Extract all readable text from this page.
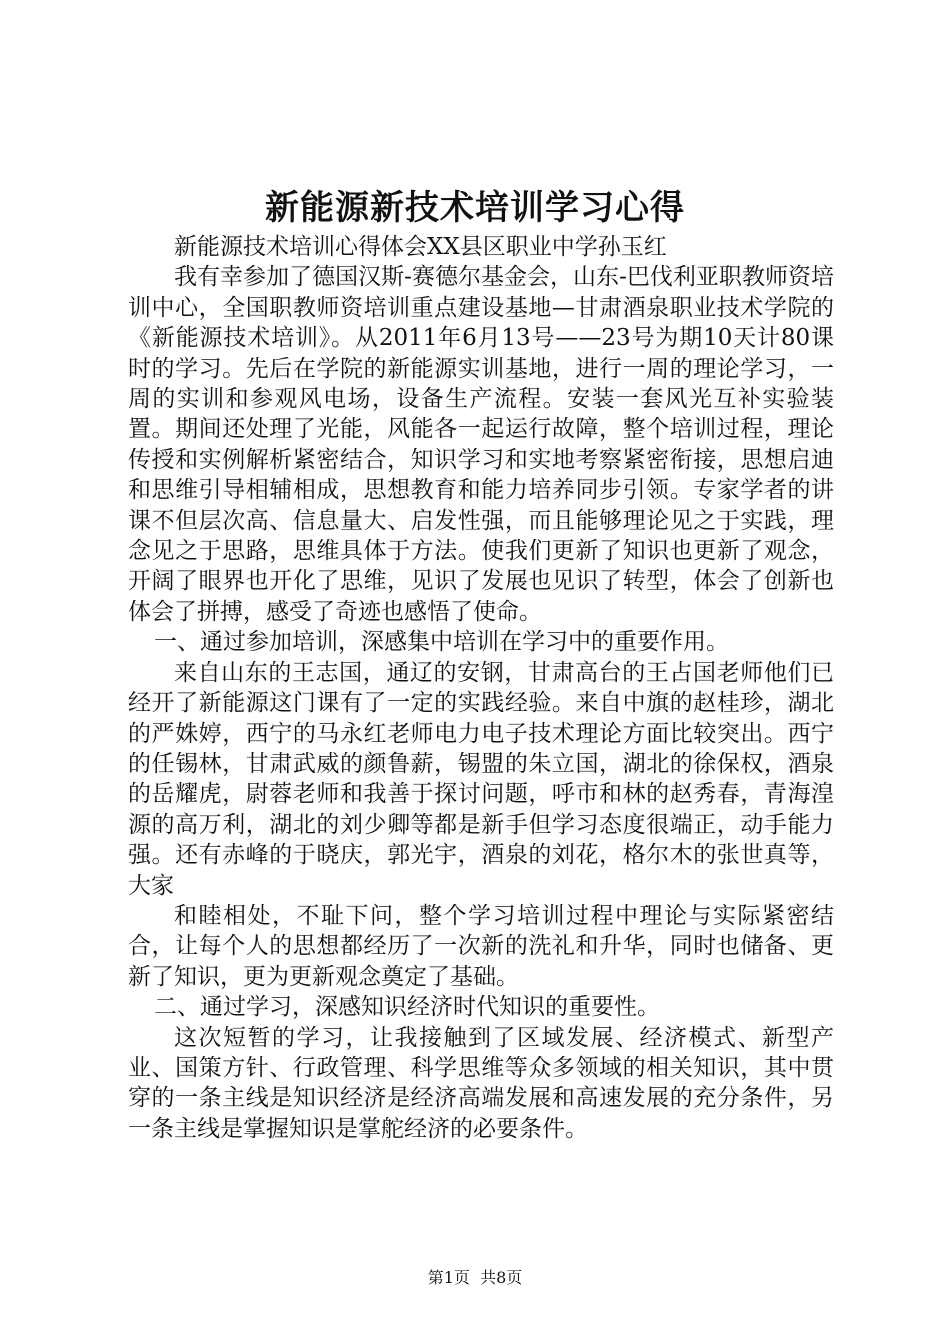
新能源新技术培训学习心得

新能源技术培训心得体会XX县区职业中学孙玉红

我有幸参加了德国汉斯-赛德尔基金会，山东-巴伐利亚职教师资培训中心，全国职教师资培训重点建设基地—甘肃酒泉职业技术学院的《新能源技术培训》。从2011年6月13号——23号为期10天计80课时的学习。先后在学院的新能源实训基地，进行一周的理论学习，一周的实训和参观风电场，设备生产流程。安装一套风光互补实验装置。期间还处理了光能，风能各一起运行故障，整个培训过程，理论传授和实例解析紧密结合，知识学习和实地考察紧密衔接，思想启迪和思维引导相辅相成，思想教育和能力培养同步引领。专家学者的讲课不但层次高、信息量大、启发性强，而且能够理论见之于实践，理念见之于思路，思维具体于方法。使我们更新了知识也更新了观念，开阔了眼界也开化了思维，见识了发展也见识了转型，体会了创新也体会了拼搏，感受了奇迹也感悟了使命。

一、通过参加培训，深感集中培训在学习中的重要作用。

来自山东的王志国，通辽的安钢，甘肃高台的王占国老师他们已经开了新能源这门课有了一定的实践经验。来自中旗的赵桂珍，湖北的严姝婷，西宁的马永红老师电力电子技术理论方面比较突出。西宁的任锡林，甘肃武威的颜鲁薪，锡盟的朱立国，湖北的徐保权，酒泉的岳耀虎，尉蓉老师和我善于探讨问题，呼市和林的赵秀春，青海湟源的高万利，湖北的刘少卿等都是新手但学习态度很端正，动手能力强。还有赤峰的于晓庆，郭光宇，酒泉的刘花，格尔木的张世真等，大家

和睦相处，不耻下问，整个学习培训过程中理论与实际紧密结合，让每个人的思想都经历了一次新的洗礼和升华，同时也储备、更新了知识，更为更新观念奠定了基础。

二、通过学习，深感知识经济时代知识的重要性。

这次短暂的学习，让我接触到了区域发展、经济模式、新型产业、国策方针、行政管理、科学思维等众多领域的相关知识，其中贯穿的一条主线是知识经济是经济高端发展和高速发展的充分条件，另一条主线是掌握知识是掌舵经济的必要条件。

第1页  共8页
